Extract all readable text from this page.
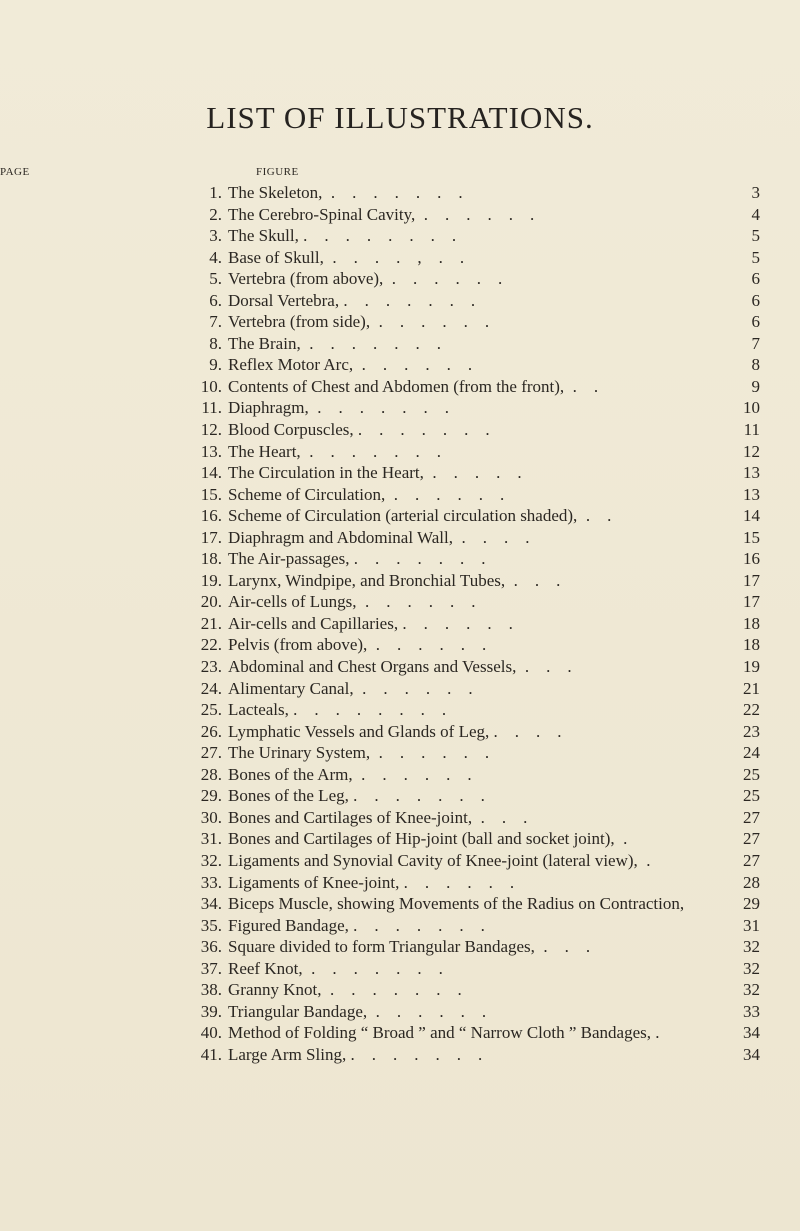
LIST OF ILLUSTRATIONS.
FIGURE
PAGE
1. The Skeleton,  .    .    .    .    .    .    .	3
2. The Cerebro-Spinal Cavity,  .    .    .    .    .    .	4
3. The Skull, .    .    .    .    .    .    .    .	5
4. Base of Skull,  .    .    .    .    ,    .    .	5
5. Vertebra (from above),  .    .    .    .    .    .	6
6. Dorsal Vertebra, .    .    .    .    .    .    .	6
7. Vertebra (from side),  .    .    .    .    .    .	6
8. The Brain,  .    .    .    .    .    .    .	7
9. Reflex Motor Arc,  .    .    .    .    .    .	8
10. Contents of Chest and Abdomen (from the front),  .    .	9
11. Diaphragm,  .    .    .    .    .    .    .	10
12. Blood Corpuscles, .    .    .    .    .    .    .	11
13. The Heart,  .    .    .    .    .    .    .	12
14. The Circulation in the Heart,  .    .    .    .    .	13
15. Scheme of Circulation,  .    .    .    .    .    .	13
16. Scheme of Circulation (arterial circulation shaded),  .    .	14
17. Diaphragm and Abdominal Wall,  .    .    .    .	15
18. The Air-passages, .    .    .    .    .    .    .	16
19. Larynx, Windpipe, and Bronchial Tubes,  .    .    .	17
20. Air-cells of Lungs,  .    .    .    .    .    .	17
21. Air-cells and Capillaries, .    .    .    .    .    .	18
22. Pelvis (from above),  .    .    .    .    .    .	18
23. Abdominal and Chest Organs and Vessels,  .    .    .	19
24. Alimentary Canal,  .    .    .    .    .    .	21
25. Lacteals, .    .    .    .    .    .    .    .	22
26. Lymphatic Vessels and Glands of Leg, .    .    .    .	23
27. The Urinary System,  .    .    .    .    .    .	24
28. Bones of the Arm,  .    .    .    .    .    .	25
29. Bones of the Leg, .    .    .    .    .    .    .	25
30. Bones and Cartilages of Knee-joint,  .    .    .	27
31. Bones and Cartilages of Hip-joint (ball and socket joint),  .	27
32. Ligaments and Synovial Cavity of Knee-joint (lateral view),  .	27
33. Ligaments of Knee-joint, .    .    .    .    .    .	28
34. Biceps Muscle, showing Movements of the Radius on Contraction,	29
35. Figured Bandage, .    .    .    .    .    .    .	31
36. Square divided to form Triangular Bandages,  .    .    .	32
37. Reef Knot,  .    .    .    .    .    .    .	32
38. Granny Knot,  .    .    .    .    .    .    .	32
39. Triangular Bandage,  .    .    .    .    .    .	33
40. Method of Folding “ Broad ” and “ Narrow Cloth ” Bandages, .	34
41. Large Arm Sling, .    .    .    .    .    .    .	34
